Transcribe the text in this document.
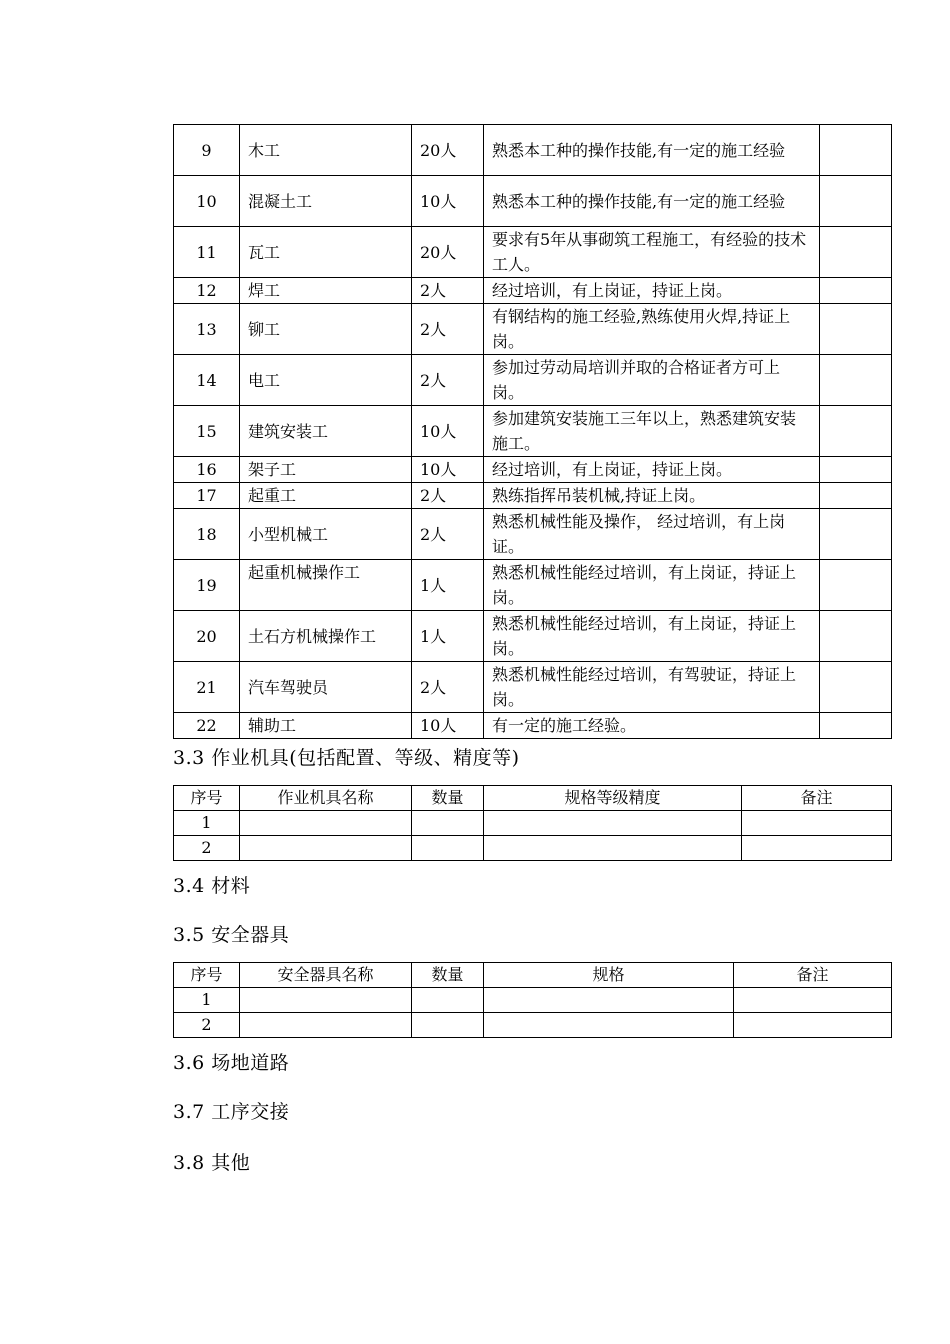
9	木工	20人	熟悉本工种的操作技能,有一定的施工经验	
10	混凝土工	10人	熟悉本工种的操作技能,有一定的施工经验	
11	瓦工	20人	要求有5年从事砌筑工程施工，有经验的技术工人。	
12	焊工	2人	经过培训，有上岗证，持证上岗。	
13	铆工	2人	有钢结构的施工经验,熟练使用火焊,持证上岗。	
14	电工	2人	参加过劳动局培训并取的合格证者方可上岗。	
15	建筑安装工	10人	参加建筑安装施工三年以上，熟悉建筑安装施工。	
16	架子工	10人	经过培训，有上岗证，持证上岗。	
17	起重工	2人	熟练指挥吊装机械,持证上岗。	
18	小型机械工	2人	熟悉机械性能及操作， 经过培训，有上岗证。	
19	起重机械操作工	1人	熟悉机械性能经过培训，有上岗证，持证上岗。	
20	土石方机械操作工	1人	熟悉机械性能经过培训，有上岗证，持证上岗。	
21	汽车驾驶员	2人	熟悉机械性能经过培训，有驾驶证，持证上岗。	
22	辅助工	10人	有一定的施工经验。	
3.3 作业机具(包括配置、等级、精度等)
序号	作业机具名称	数量	规格等级精度	备注
1				
2				
3.4 材料
3.5 安全器具
序号	安全器具名称	数量	规格	备注
1				
2				
3.6 场地道路
3.7 工序交接
3.8 其他
